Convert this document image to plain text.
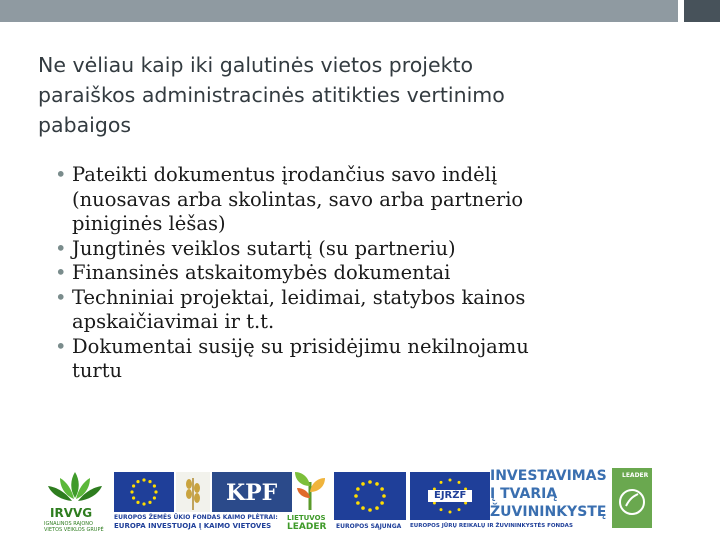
Ne vėliau kaip iki galutinės vietos projekto
paraiškos administracinės atitikties vertinimo
pabaigos
• Pateikti dokumentus įrodančius savo indėlį
(nuosavas arba skolintas, savo arba partnerio
piniginės lėšas)
• Jungtinės veiklos sutartį (su partneriu)
• Finansinės atskaitomybės dokumentai
• Techniniai projektai, leidimai, statybos kainos
apskaičiavimai ir t.t.
• Dokumentai susiję su prisidėjimu nekilnojamu
turtu
IRVVG
IGNALINOS RAJONO
VIETOS VEIKLOS GRUPĖ
KPF
EUROPOS ŽEMĖS ŪKIO FONDAS KAIMO PLĖTRAI:
EUROPA INVESTUOJA Į KAIMO VIETOVES
LIETUVOS
LEADER EUROPOS SĄJUNGA
EJRŽF
EUROPOS JŪRŲ REIKALŲ IR ŽUVININKYSTĖS FONDAS
INVESTAVIMAS
Į TVARIĄ
ŽUVININKYSTĘ
LEADER
